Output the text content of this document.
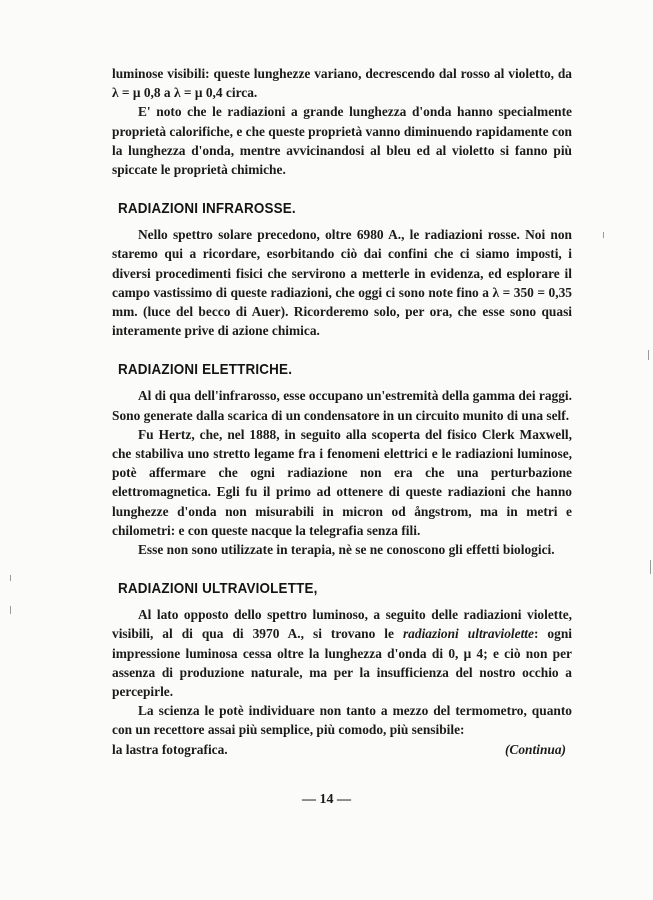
luminose visibili: queste lunghezze variano, decrescendo dal rosso al violetto, da λ = μ 0,8 a λ = μ 0,4 circa.

E' noto che le radiazioni a grande lunghezza d'onda hanno specialmente proprietà calorifiche, e che queste proprietà vanno diminuendo rapidamente con la lunghezza d'onda, mentre avvicinandosi al bleu ed al violetto si fanno più spiccate le proprietà chimiche.

RADIAZIONI INFRAROSSE.

Nello spettro solare precedono, oltre 6980 A., le radiazioni rosse. Noi non staremo qui a ricordare, esorbitando ciò dai confini che ci siamo imposti, i diversi procedimenti fisici che servirono a metterle in evidenza, ed esplorare il campo vastissimo di queste radiazioni, che oggi ci sono note fino a λ = 350 = 0,35 mm. (luce del becco di Auer). Ricorderemo solo, per ora, che esse sono quasi interamente prive di azione chimica.

RADIAZIONI ELETTRICHE.

Al di qua dell'infrarosso, esse occupano un'estremità della gamma dei raggi. Sono generate dalla scarica di un condensatore in un circuito munito di una self.

Fu Hertz, che, nel 1888, in seguito alla scoperta del fisico Clerk Maxwell, che stabiliva uno stretto legame fra i fenomeni elettrici e le radiazioni luminose, potè affermare che ogni radiazione non era che una perturbazione elettromagnetica. Egli fu il primo ad ottenere di queste radiazioni che hanno lunghezze d'onda non misurabili in micron od ångstrom, ma in metri e chilometri: e con queste nacque la telegrafia senza fili.

Esse non sono utilizzate in terapia, nè se ne conoscono gli effetti biologici.

RADIAZIONI ULTRAVIOLETTE,

Al lato opposto dello spettro luminoso, a seguito delle radiazioni violette, visibili, al di qua di 3970 A., si trovano le radiazioni ultraviolette: ogni impressione luminosa cessa oltre la lunghezza d'onda di 0, μ 4; e ciò non per assenza di produzione naturale, ma per la insufficienza del nostro occhio a percepirle.

La scienza le potè individuare non tanto a mezzo del termometro, quanto con un recettore assai più semplice, più comodo, più sensibile:

la lastra fotografica.	(Continua)
— 14 —
